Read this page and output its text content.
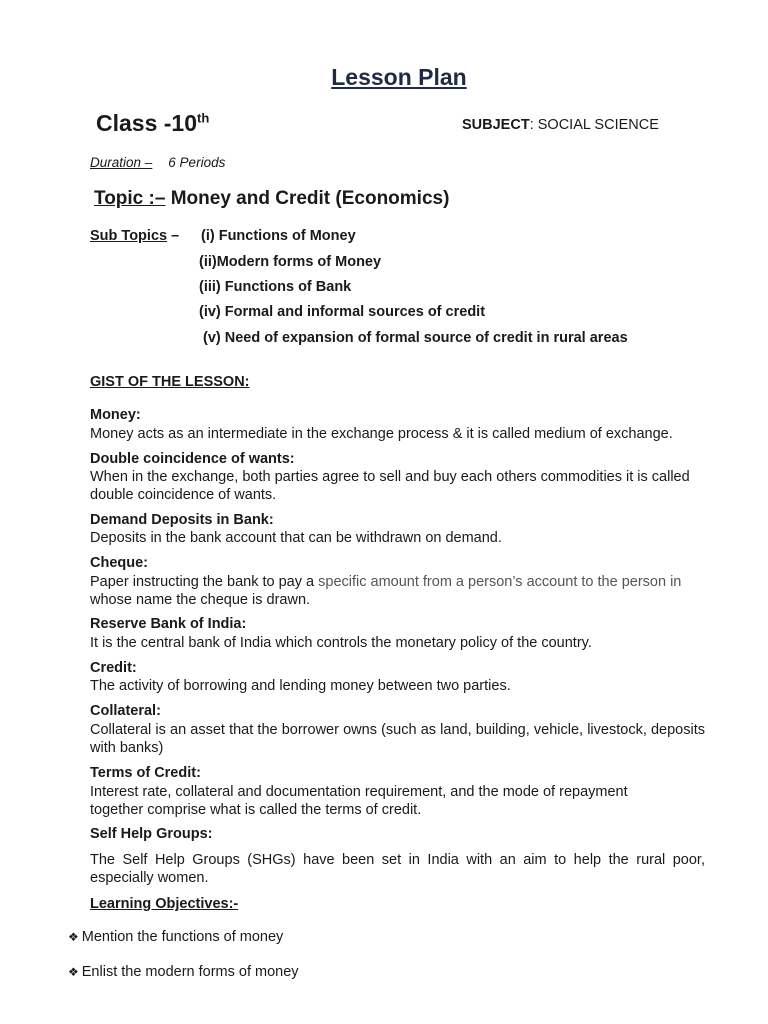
Lesson Plan
Class -10th	SUBJECT: SOCIAL SCIENCE
Duration – 6 Periods
Topic :– Money and Credit (Economics)
Sub Topics – (i) Functions of Money
(ii)Modern forms of Money
(iii) Functions of Bank
(iv) Formal and informal sources of credit
(v) Need of expansion of formal source of credit in rural areas
GIST OF THE LESSON:
Money:
Money acts as an intermediate in the exchange process & it is called medium of exchange.
Double coincidence of wants:
When in the exchange, both parties agree to sell and buy each others commodities it is called double coincidence of wants.
Demand Deposits in Bank:
Deposits in the bank account that can be withdrawn on demand.
Cheque:
Paper instructing the bank to pay a specific amount from a person’s account to the person in whose name the cheque is drawn.
Reserve Bank of India:
It is the central bank of India which controls the monetary policy of the country.
Credit:
The activity of borrowing and lending money between two parties.
Collateral:
Collateral is an asset that the borrower owns (such as land, building, vehicle, livestock, deposits with banks)
Terms of Credit:
Interest rate, collateral and documentation requirement, and the mode of repayment together comprise what is called the terms of credit.
Self Help Groups:
The Self Help Groups (SHGs) have been set in India with an aim to help the rural poor, especially women.
Learning Objectives:-
❖ Mention the functions of money
❖ Enlist the modern forms of money
